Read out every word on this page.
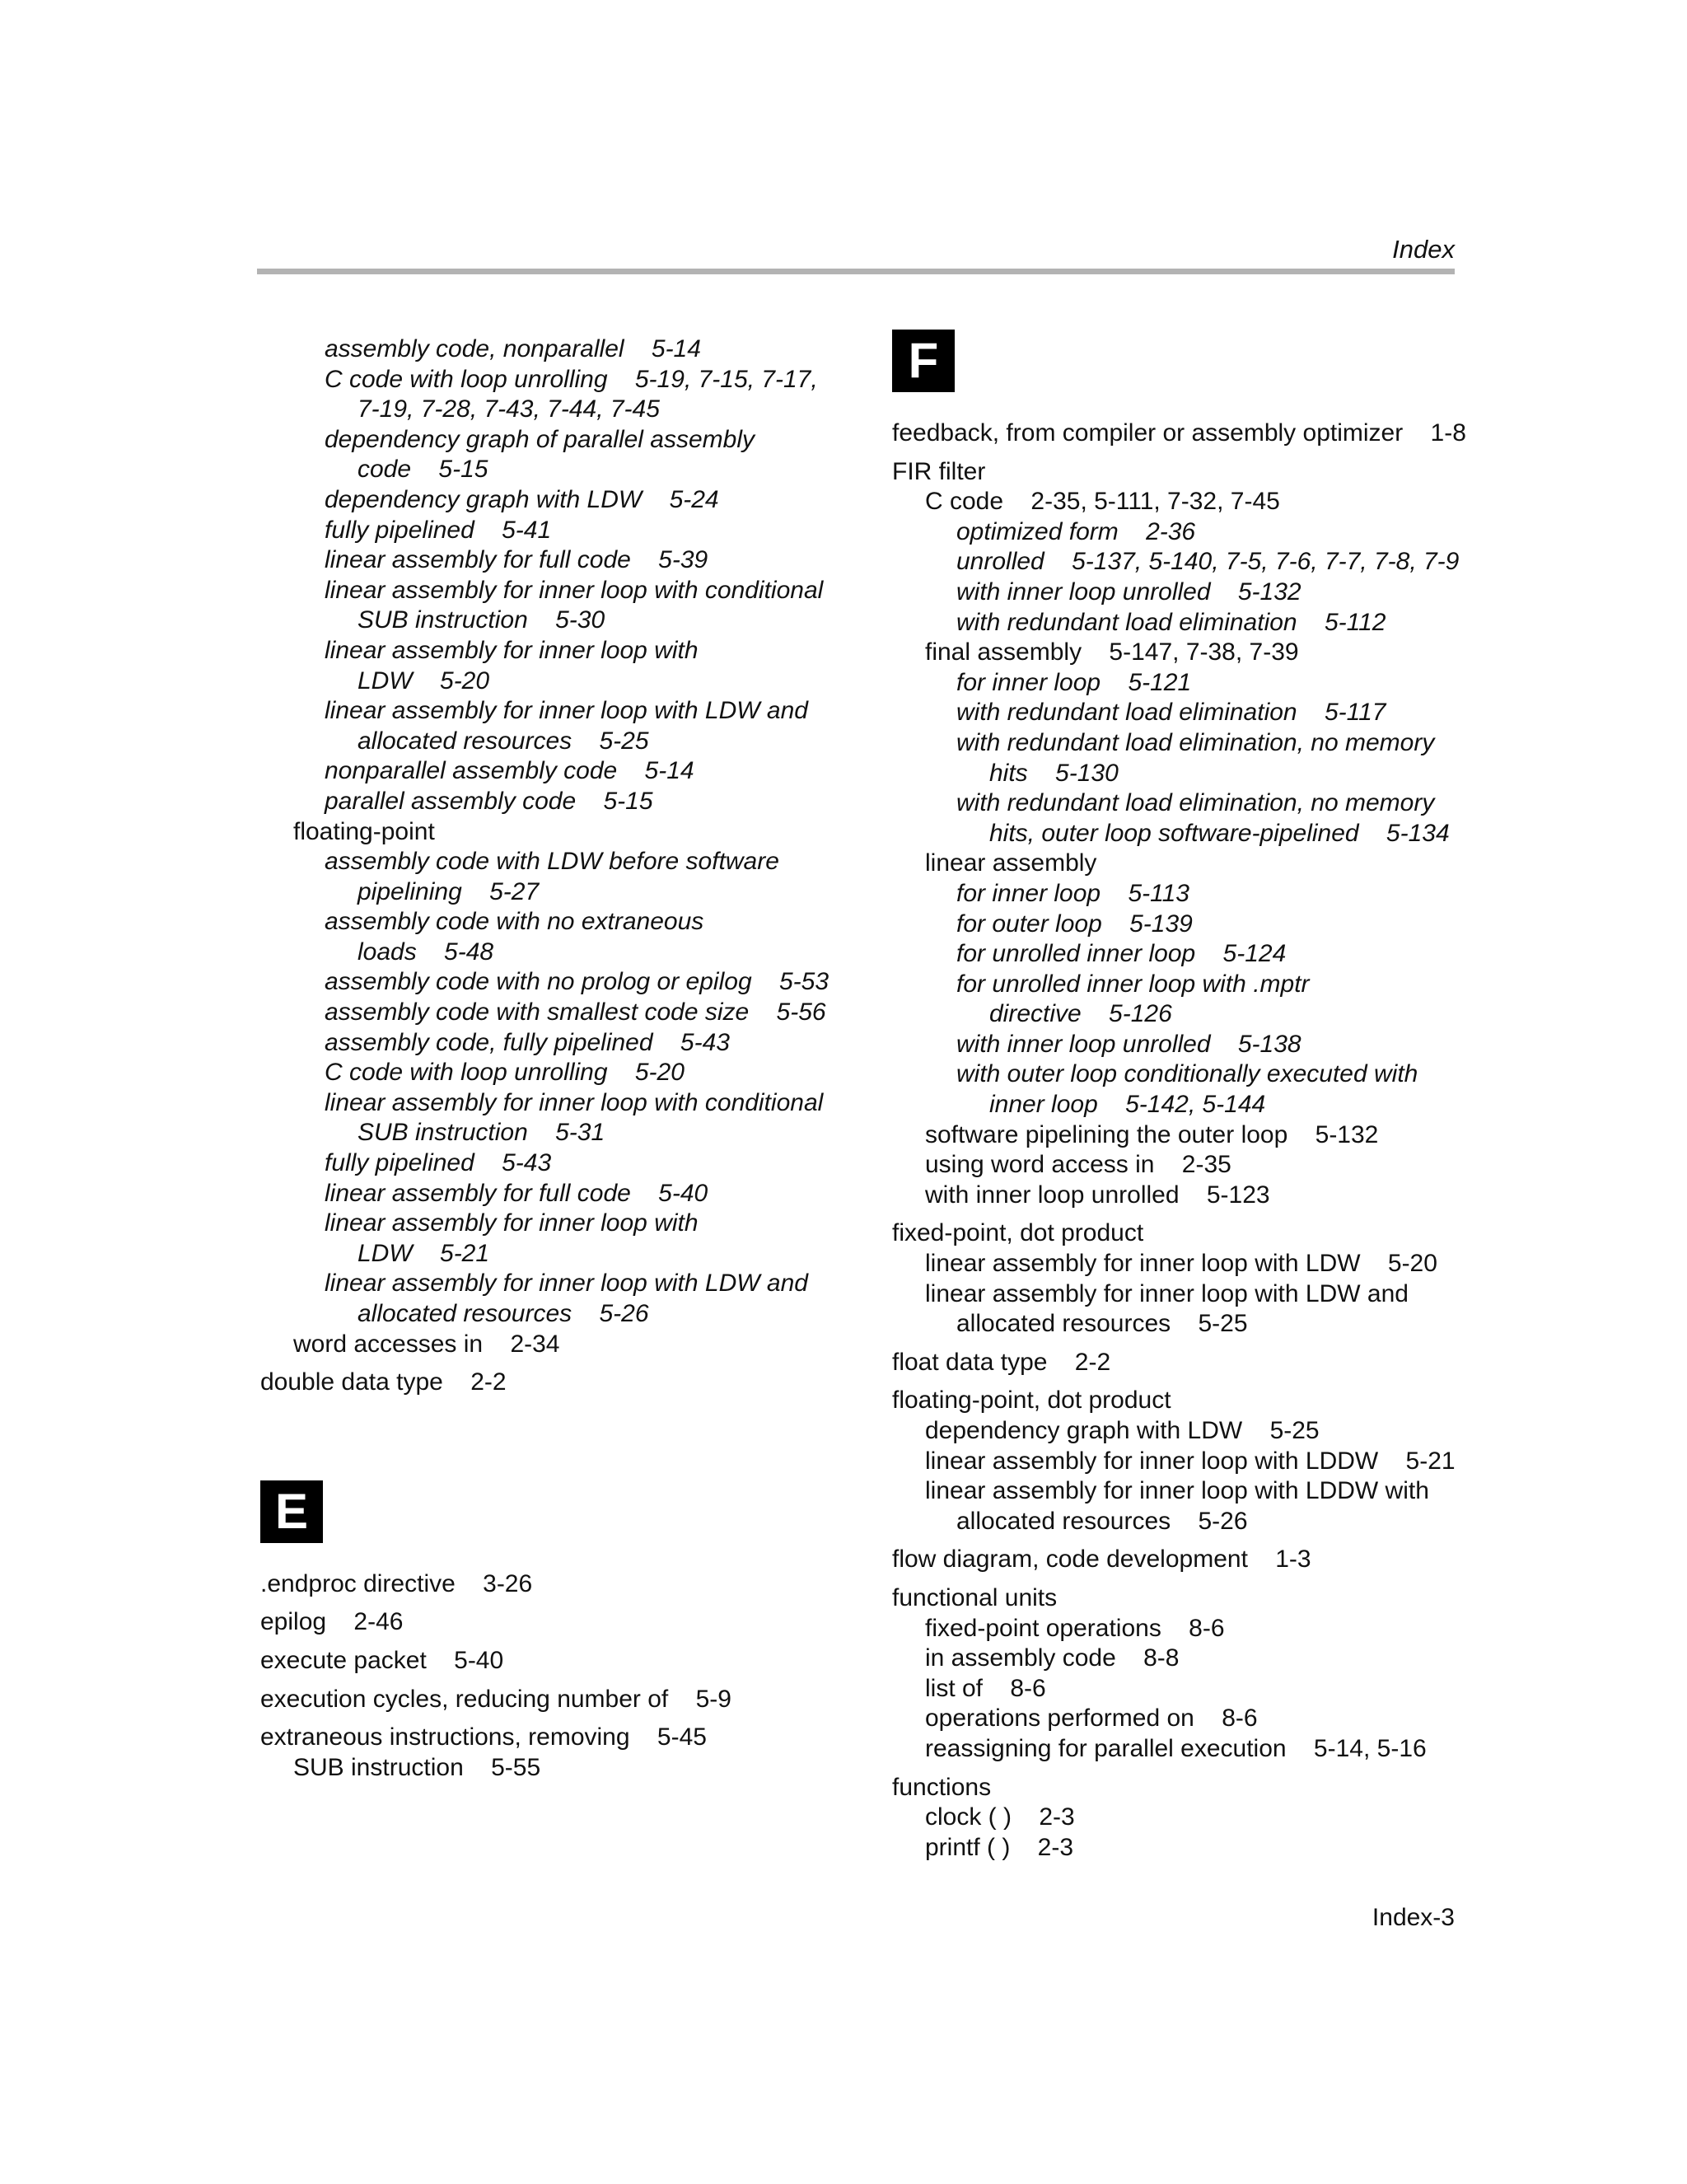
Index
assembly code, nonparallel    5-14
C code with loop unrolling    5-19, 7-15, 7-17,
7-19, 7-28, 7-43, 7-44, 7-45
dependency graph of parallel assembly
code    5-15
dependency graph with LDW    5-24
fully pipelined    5-41
linear assembly for full code    5-39
linear assembly for inner loop with conditional
SUB instruction    5-30
linear assembly for inner loop with
LDW    5-20
linear assembly for inner loop with LDW and
allocated resources    5-25
nonparallel assembly code    5-14
parallel assembly code    5-15
floating-point
assembly code with LDW before software
pipelining    5-27
assembly code with no extraneous
loads    5-48
assembly code with no prolog or epilog    5-53
assembly code with smallest code size    5-56
assembly code, fully pipelined    5-43
C code with loop unrolling    5-20
linear assembly for inner loop with conditional
SUB instruction    5-31
fully pipelined    5-43
linear assembly for full code    5-40
linear assembly for inner loop with
LDW    5-21
linear assembly for inner loop with LDW and
allocated resources    5-26
word accesses in    2-34
double data type    2-2
E
.endproc directive    3-26
epilog    2-46
execute packet    5-40
execution cycles, reducing number of    5-9
extraneous instructions, removing    5-45
SUB instruction    5-55
F
feedback, from compiler or assembly optimizer    1-8
FIR filter
C code    2-35, 5-111, 7-32, 7-45
optimized form    2-36
unrolled    5-137, 5-140, 7-5, 7-6, 7-7, 7-8, 7-9
with inner loop unrolled    5-132
with redundant load elimination    5-112
final assembly    5-147, 7-38, 7-39
for inner loop    5-121
with redundant load elimination    5-117
with redundant load elimination, no memory
hits    5-130
with redundant load elimination, no memory
hits, outer loop software-pipelined    5-134
linear assembly
for inner loop    5-113
for outer loop    5-139
for unrolled inner loop    5-124
for unrolled inner loop with .mptr
directive    5-126
with inner loop unrolled    5-138
with outer loop conditionally executed with
inner loop    5-142, 5-144
software pipelining the outer loop    5-132
using word access in    2-35
with inner loop unrolled    5-123
fixed-point, dot product
linear assembly for inner loop with LDW    5-20
linear assembly for inner loop with LDW and
allocated resources    5-25
float data type    2-2
floating-point, dot product
dependency graph with LDW    5-25
linear assembly for inner loop with LDDW    5-21
linear assembly for inner loop with LDDW with
allocated resources    5-26
flow diagram, code development    1-3
functional units
fixed-point operations    8-6
in assembly code    8-8
list of    8-6
operations performed on    8-6
reassigning for parallel execution    5-14, 5-16
functions
clock ( )    2-3
printf ( )    2-3
Index-3
